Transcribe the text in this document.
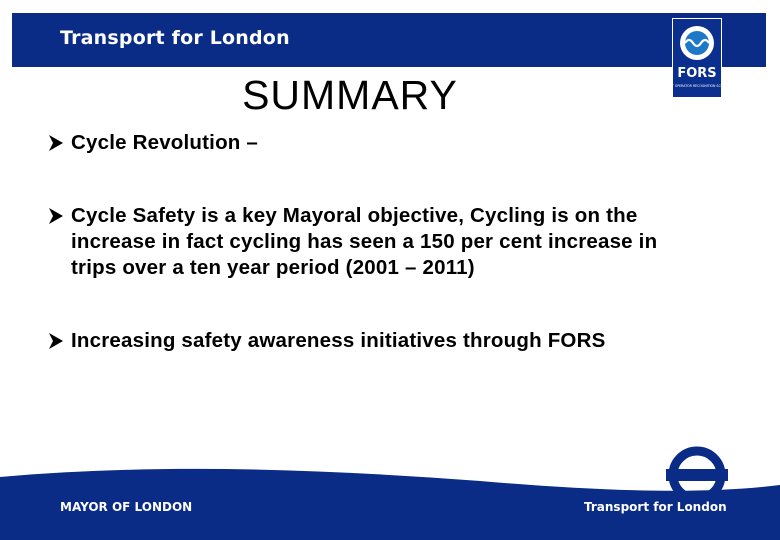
Transport for London
FORS
FLEET OPERATOR RECOGNITION SCHEME
SUMMARY
Cycle Revolution –
Cycle Safety is a key Mayoral objective, Cycling is on the increase in fact cycling has seen a 150 per cent increase in trips over a ten year period (2001 – 2011)
Increasing safety awareness initiatives through FORS
MAYOR OF LONDON	Transport for London
